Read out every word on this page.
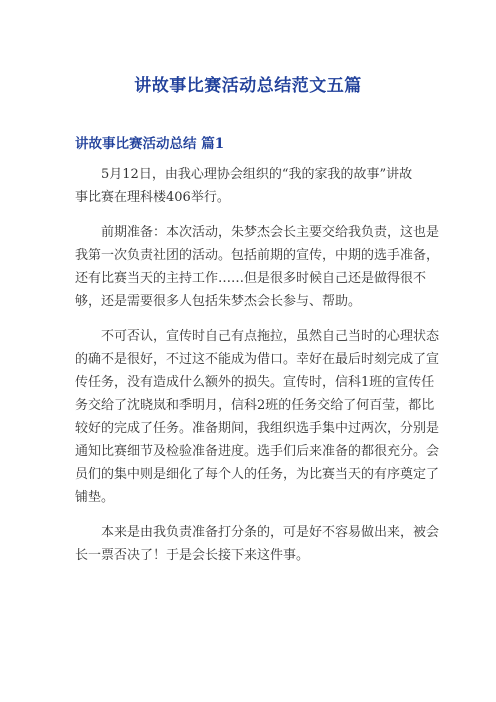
讲故事比赛活动总结范文五篇
讲故事比赛活动总结 篇1
5月12日，由我心理协会组织的“我的家我的故事”讲故
事比赛在理科楼406举行。
前期准备：本次活动，朱梦杰会长主要交给我负责，这也是
我第一次负责社团的活动。包括前期的宣传，中期的选手准备，
还有比赛当天的主持工作……但是很多时候自己还是做得很不
够，还是需要很多人包括朱梦杰会长参与、帮助。
不可否认，宣传时自己有点拖拉，虽然自己当时的心理状态
的确不是很好，不过这不能成为借口。幸好在最后时刻完成了宣
传任务，没有造成什么额外的损失。宣传时，信科1班的宣传任
务交给了沈晓岚和季明月，信科2班的任务交给了何百莹，都比
较好的完成了任务。准备期间，我组织选手集中过两次，分别是
通知比赛细节及检验准备进度。选手们后来准备的都很充分。会
员们的集中则是细化了每个人的任务，为比赛当天的有序奠定了
铺垫。
本来是由我负责准备打分条的，可是好不容易做出来，被会
长一票否决了！于是会长接下来这件事。
